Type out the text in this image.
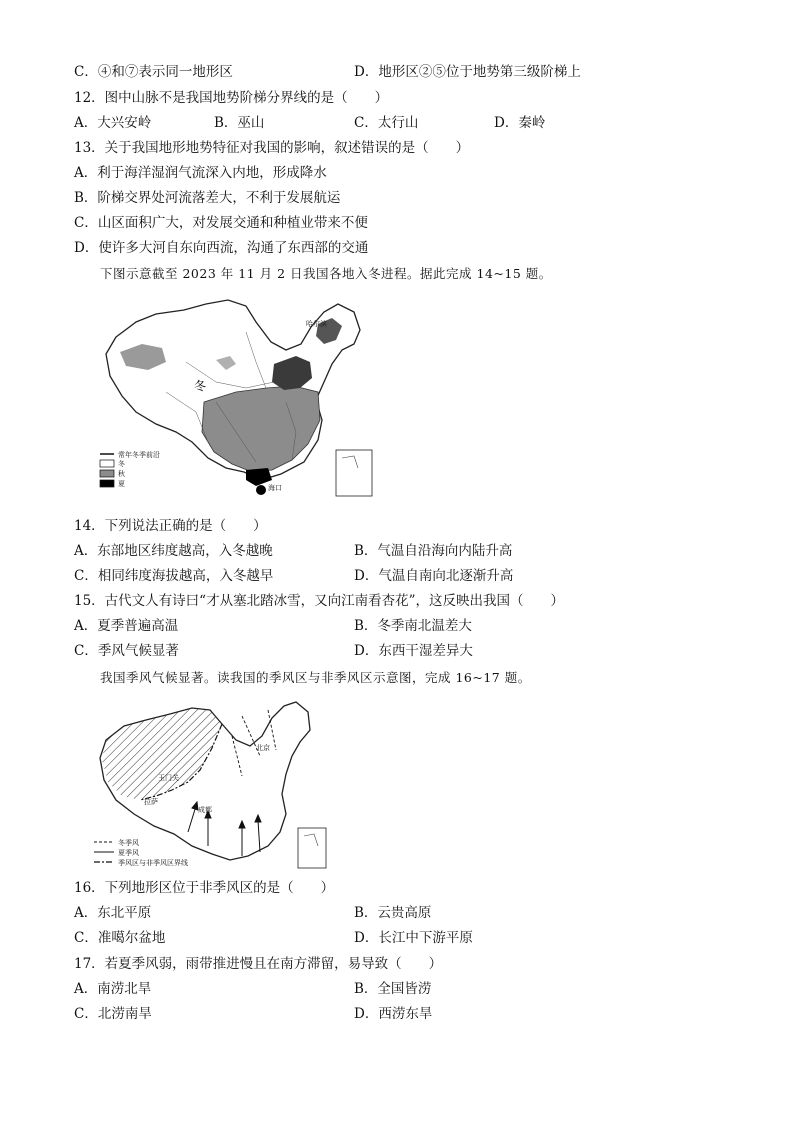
C．④和⑦表示同一地形区	D．地形区②⑤位于地势第三级阶梯上
12．图中山脉不是我国地势阶梯分界线的是（　　）
A．大兴安岭	B．巫山	C．太行山	D．秦岭
13．关于我国地形地势特征对我国的影响，叙述错误的是（　　）
A．利于海洋湿润气流深入内地，形成降水
B．阶梯交界处河流落差大，不利于发展航运
C．山区面积广大，对发展交通和种植业带来不便
D．使许多大河自东向西流，沟通了东西部的交通
下图示意截至 2023 年 11 月 2 日我国各地入冬进程。据此完成 14~15 题。
哈尔滨
海口
冬
常年冬季前沿
冬
秋
夏
14．下列说法正确的是（　　）
A．东部地区纬度越高，入冬越晚	B．气温自沿海向内陆升高
C．相同纬度海拔越高，入冬越早	D．气温自南向北逐渐升高
15．古代文人有诗曰“才从塞北踏冰雪，又向江南看杏花”，这反映出我国（　　）
A．夏季普遍高温	B．冬季南北温差大
C．季风气候显著	D．东西干湿差异大
我国季风气候显著。读我国的季风区与非季风区示意图，完成 16~17 题。
玉门关
拉萨
成都
北京
冬季风
夏季风
季风区与非季风区界线
16．下列地形区位于非季风区的是（　　）
A．东北平原	B．云贵高原
C．准噶尔盆地	D．长江中下游平原
17．若夏季风弱，雨带推进慢且在南方滞留，易导致（　　）
A．南涝北旱	B．全国皆涝
C．北涝南旱	D．西涝东旱
